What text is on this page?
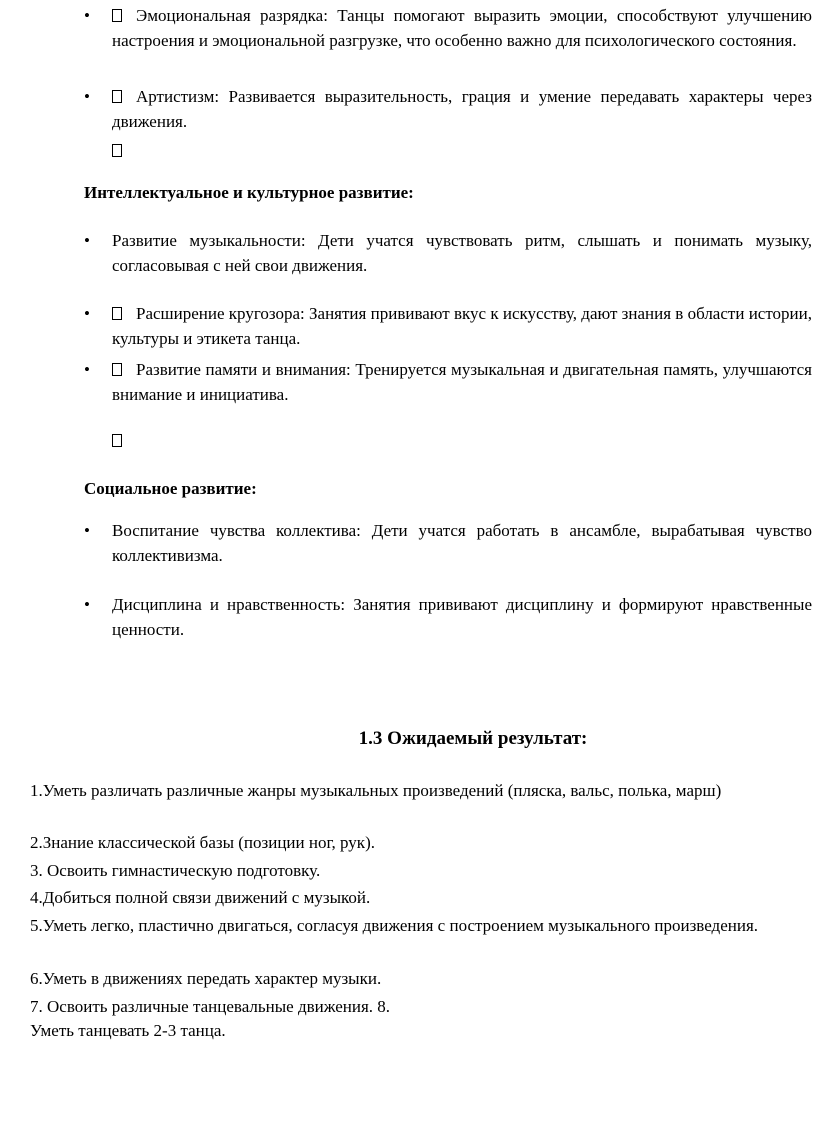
•	Эмоциональная разрядка: Танцы помогают выразить эмоции, способствуют улучшению настроения и эмоциональной разгрузке, что особенно важно для психологического состояния.
•	Артистизм: Развивается выразительность, грация и умение передавать характеры через движения.
Интеллектуальное и культурное развитие:
•	Развитие музыкальности: Дети учатся чувствовать ритм, слышать и понимать музыку, согласовывая с ней свои движения.
•	Расширение кругозора: Занятия прививают вкус к искусству, дают знания в области истории, культуры и этикета танца.
•	Развитие памяти и внимания: Тренируется музыкальная и двигательная память, улучшаются внимание и инициатива.
Социальное развитие:
•	Воспитание чувства коллектива: Дети учатся работать в ансамбле, вырабатывая чувство коллективизма.
•	Дисциплина и нравственность: Занятия прививают дисциплину и формируют нравственные ценности.
1.3 Ожидаемый результат:
1.Уметь различать различные жанры музыкальных произведений (пляска, вальс, полька, марш)
2.Знание классической базы (позиции ног, рук).
3. Освоить гимнастическую подготовку.
4.Добиться полной связи движений с музыкой.
5.Уметь легко, пластично двигаться, согласуя движения с построением музыкального произведения.
6.Уметь в движениях передать характер музыки.
7. Освоить различные танцевальные движения. 8.
Уметь танцевать 2-3 танца.
